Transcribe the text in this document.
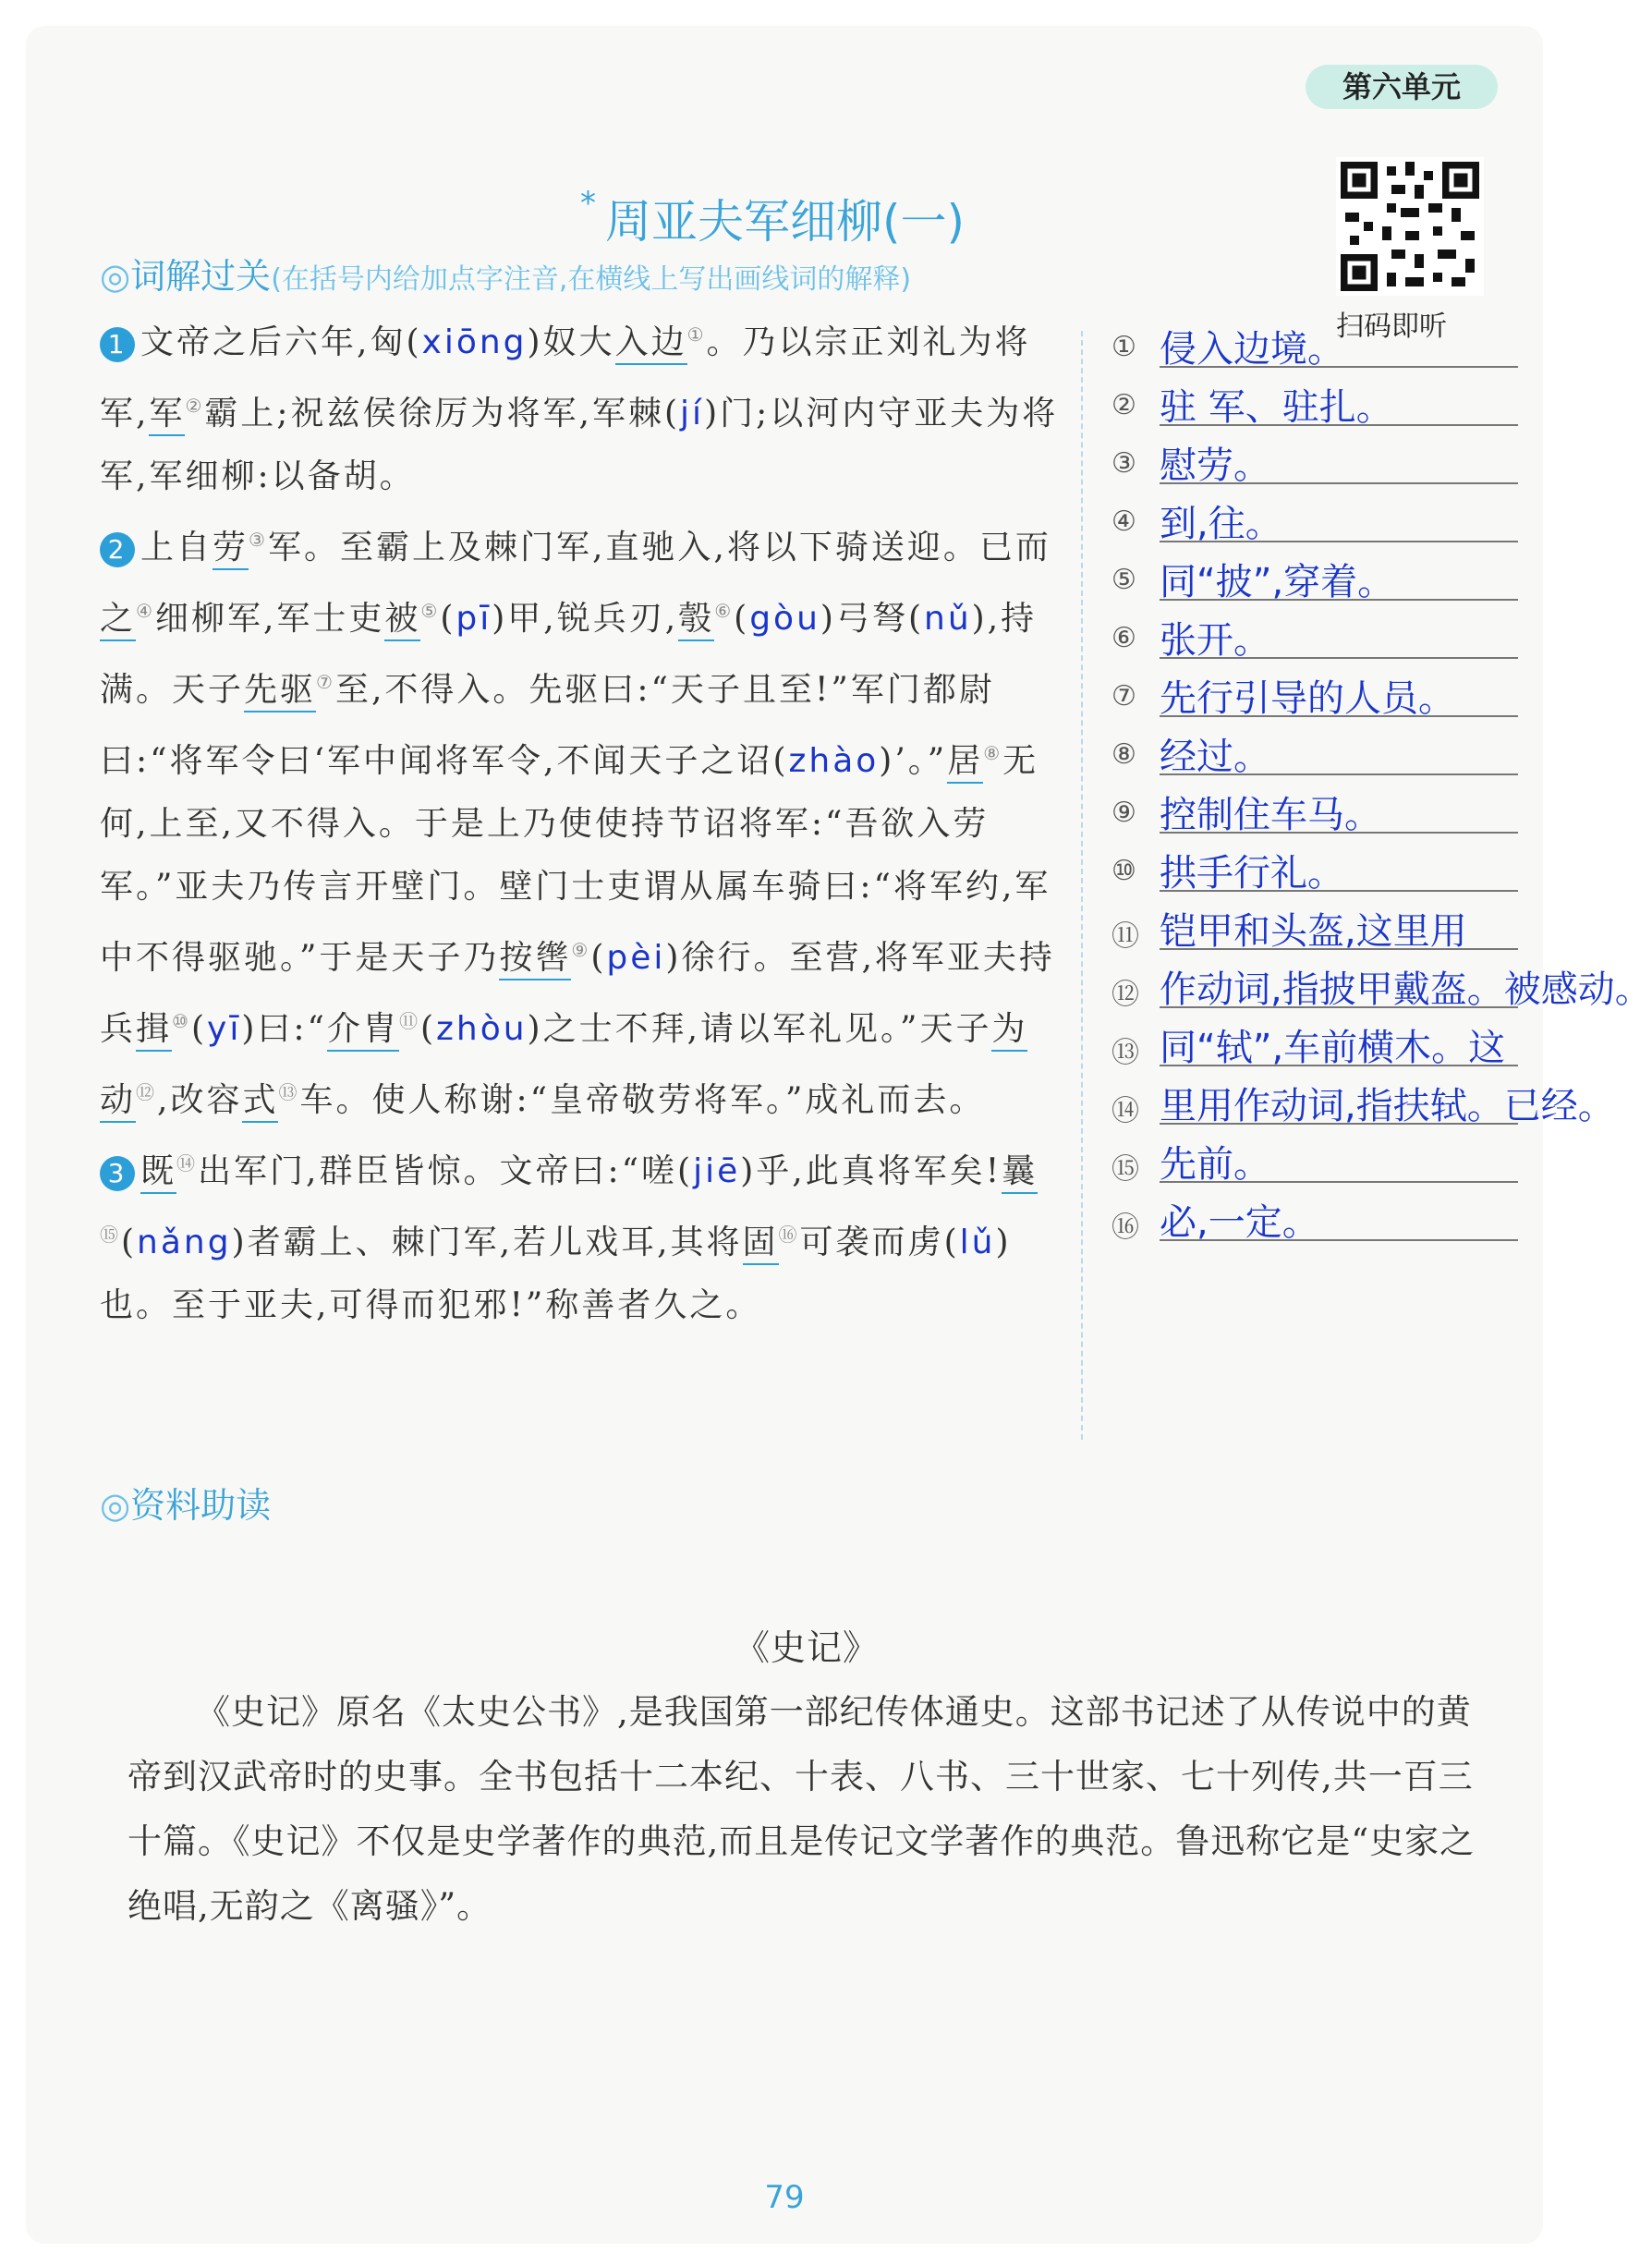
第六单元
* 周亚夫军细柳(一)
扫码即听
◎词解过关(在括号内给加点字注音,在横线上写出画线词的解释)

1 文帝之后六年,匈(xiōng)奴大入边①。乃以宗正刘礼为将军,军②霸上;祝兹侯徐厉为将军,军棘(jí)门;以河内守亚夫为将军,军细柳:以备胡。

2 上自劳③军。至霸上及棘门军,直驰入,将以下骑送迎。已而之④细柳军,军士吏被⑤(pī)甲,锐兵刃,彀⑥(gòu)弓弩(nǔ),持满。天子先驱⑦至,不得入。先驱曰:“天子且至!”军门都尉曰:“将军令曰‘军中闻将军令,不闻天子之诏(zhào)’。”居⑧无何,上至,又不得入。于是上乃使使持节诏将军:“吾欲入劳军。”亚夫乃传言开壁门。壁门士吏谓从属车骑曰:“将军约,军中不得驱驰。”于是天子乃按辔⑨(pèi)徐行。至营,将军亚夫持兵揖⑩(yī)曰:“介胄⑪(zhòu)之士不拜,请以军礼见。”天子为动⑫,改容式⑬车。使人称谢:“皇帝敬劳将军。”成礼而去。

3 既⑭出军门,群臣皆惊。文帝曰:“嗟(jiē)乎,此真将军矣!曩⑮(nǎng)者霸上、棘门军,若儿戏耳,其将固⑯可袭而虏(lǔ)也。至于亚夫,可得而犯邪!”称善者久之。

① 侵入边境。
② 驻 军、驻扎。
③ 慰劳。
④ 到,往。
⑤ 同“披”,穿着。
⑥ 张开。
⑦ 先行引导的人员。
⑧ 经过。
⑨ 控制住车马。
⑩ 拱手行礼。
⑪ 铠甲和头盔,这里用
⑫ 作动词,指披甲戴盔。被感动。
⑬ 同“轼”,车前横木。这
⑭ 里用作动词,指扶轼。已经。
⑮ 先前。
⑯ 必,一定。
◎资料助读
《史记》

《史记》原名《太史公书》,是我国第一部纪传体通史。这部书记述了从传说中的黄帝到汉武帝时的史事。全书包括十二本纪、十表、八书、三十世家、七十列传,共一百三十篇。《史记》不仅是史学著作的典范,而且是传记文学著作的典范。鲁迅称它是“史家之绝唱,无韵之《离骚》”。

79
